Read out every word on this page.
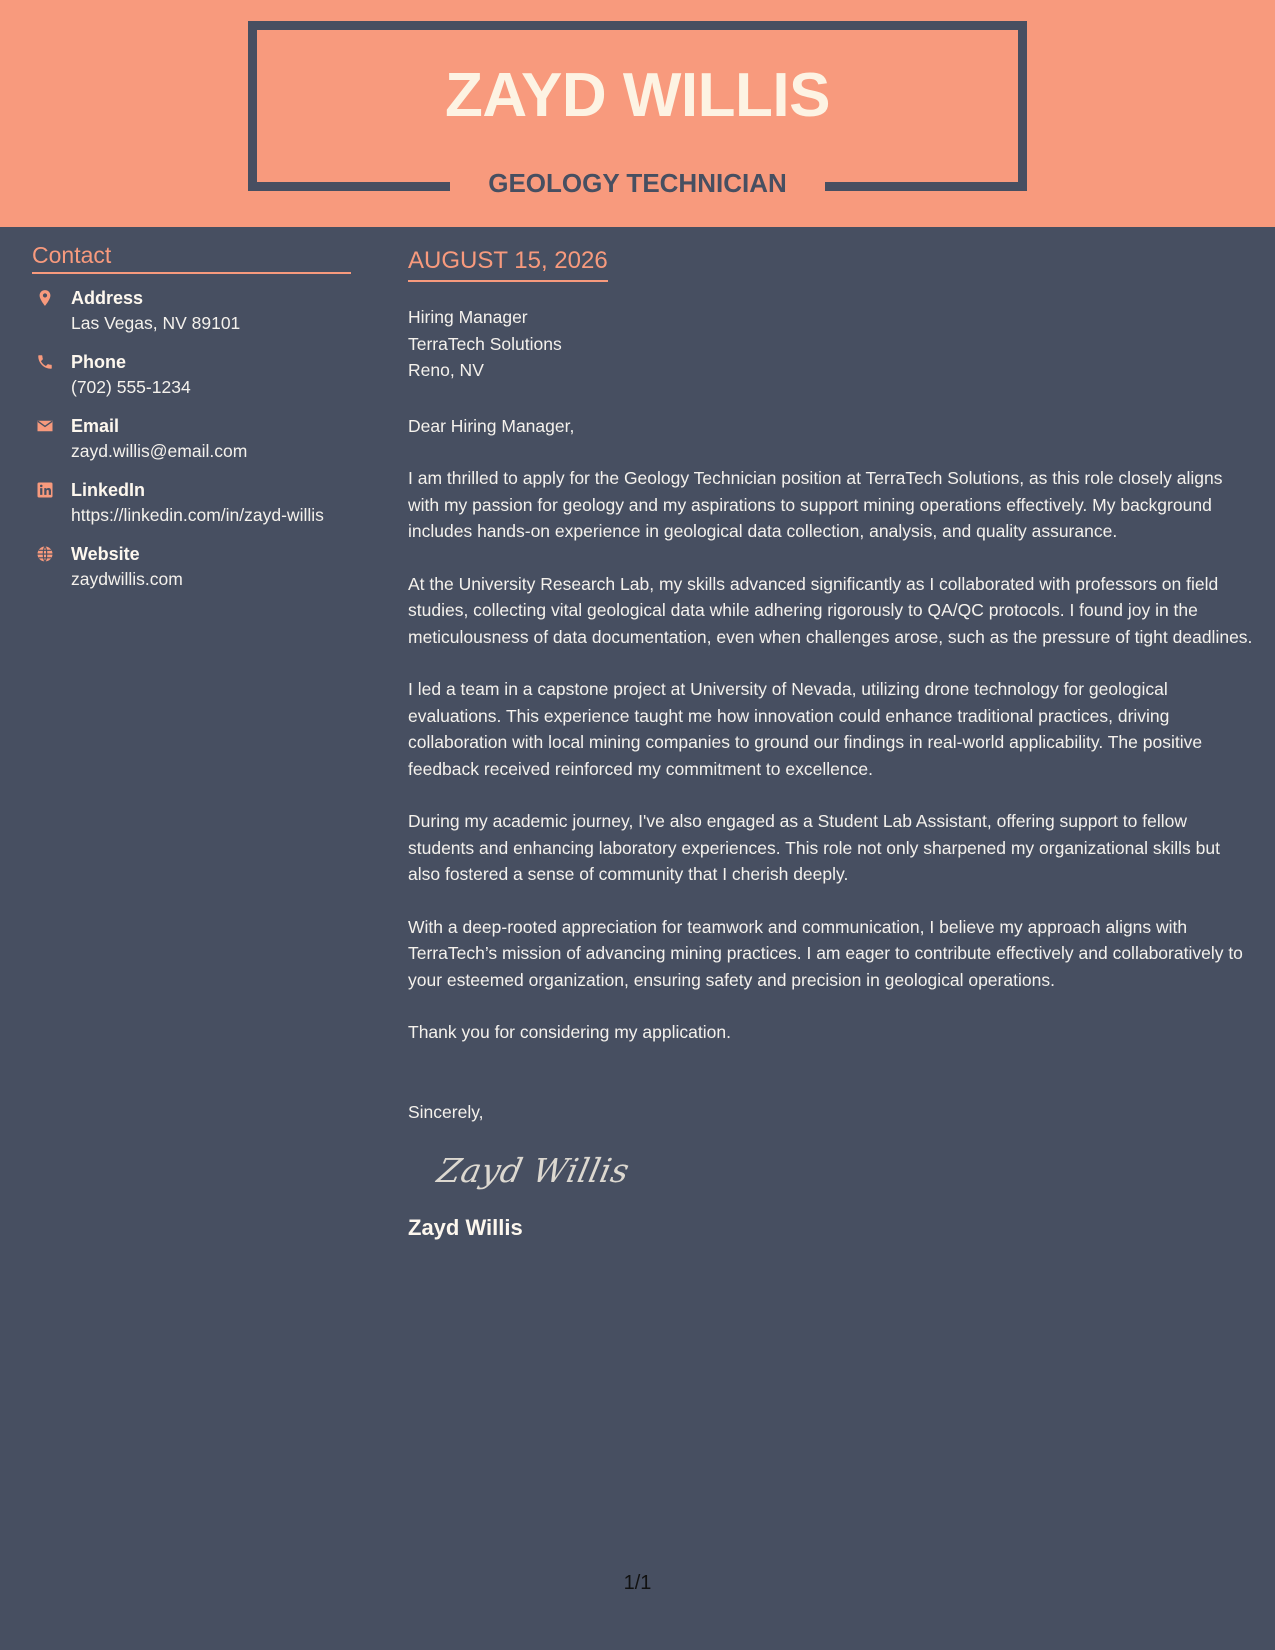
ZAYD WILLIS
GEOLOGY TECHNICIAN
Contact
Address
Las Vegas, NV 89101
Phone
(702) 555-1234
Email
zayd.willis@email.com
LinkedIn
https://linkedin.com/in/zayd-willis
Website
zaydwillis.com
AUGUST 15, 2026
Hiring Manager
TerraTech Solutions
Reno, NV
Dear Hiring Manager,
I am thrilled to apply for the Geology Technician position at TerraTech Solutions, as this role closely aligns with my passion for geology and my aspirations to support mining operations effectively. My background includes hands-on experience in geological data collection, analysis, and quality assurance.
At the University Research Lab, my skills advanced significantly as I collaborated with professors on field studies, collecting vital geological data while adhering rigorously to QA/QC protocols. I found joy in the meticulousness of data documentation, even when challenges arose, such as the pressure of tight deadlines.
I led a team in a capstone project at University of Nevada, utilizing drone technology for geological evaluations. This experience taught me how innovation could enhance traditional practices, driving collaboration with local mining companies to ground our findings in real-world applicability. The positive feedback received reinforced my commitment to excellence.
During my academic journey, I've also engaged as a Student Lab Assistant, offering support to fellow students and enhancing laboratory experiences. This role not only sharpened my organizational skills but also fostered a sense of community that I cherish deeply.
With a deep-rooted appreciation for teamwork and communication, I believe my approach aligns with TerraTech’s mission of advancing mining practices. I am eager to contribute effectively and collaboratively to your esteemed organization, ensuring safety and precision in geological operations.
Thank you for considering my application.
Sincerely,
Zayd Willis
Zayd Willis
1/1
